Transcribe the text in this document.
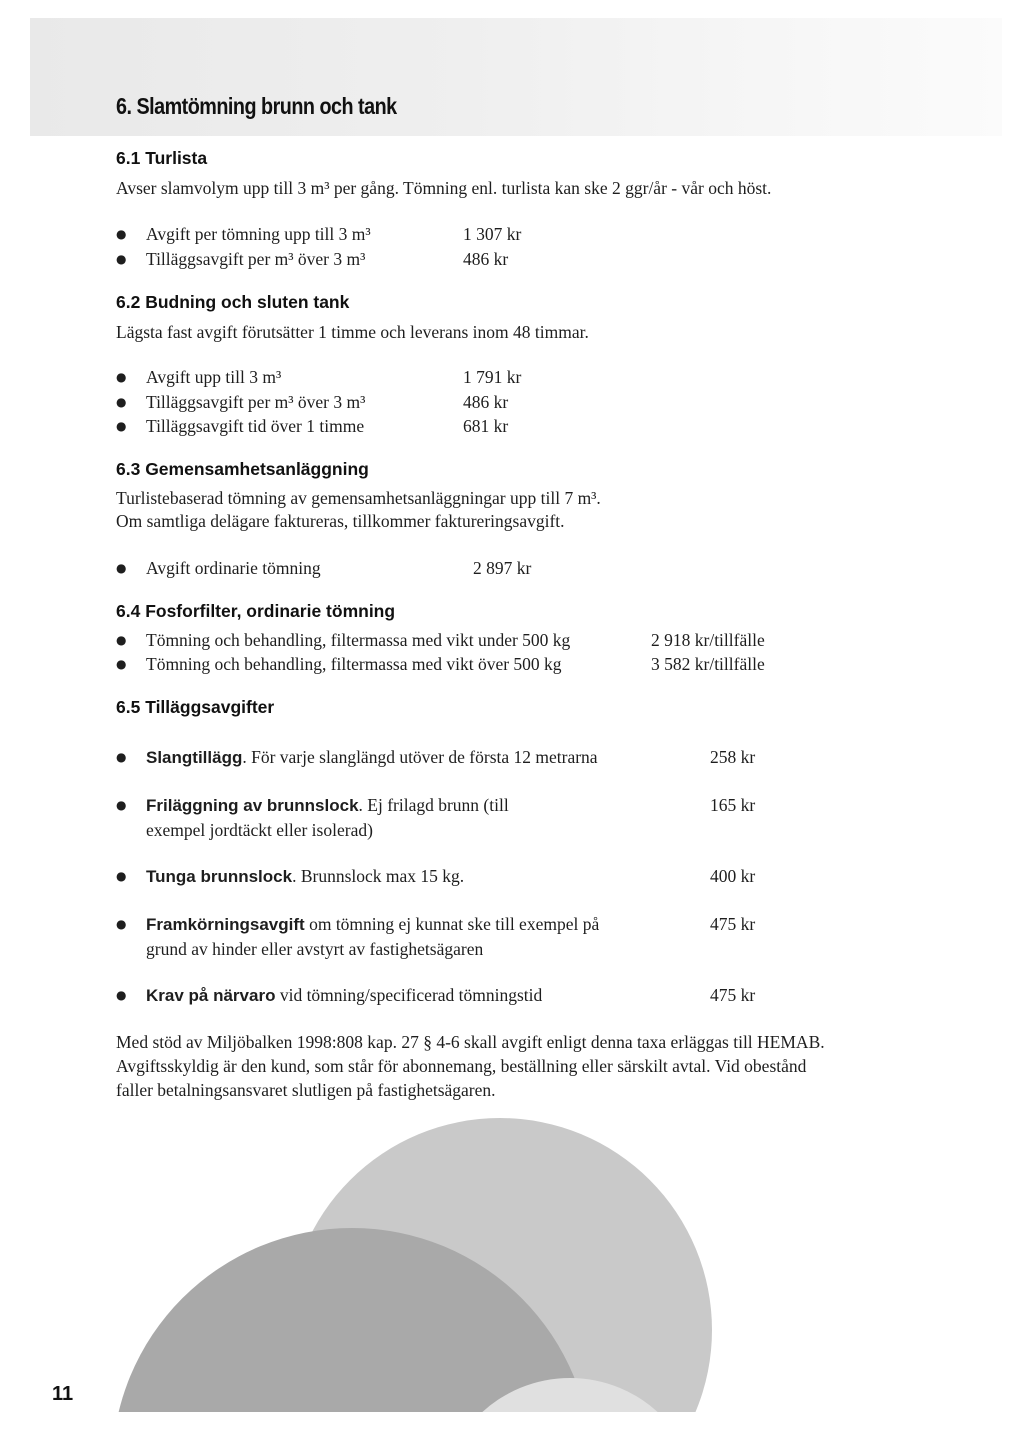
6. Slamtömning brunn och tank
6.1 Turlista

Avser slamvolym upp till 3 m³ per gång. Tömning enl. turlista kan ske 2 ggr/år - vår och höst.

● Avgift per tömning upp till 3 m³	1 307 kr
● Tilläggsavgift per m³ över 3 m³	486 kr
6.2 Budning och sluten tank

Lägsta fast avgift förutsätter 1 timme och leverans inom 48 timmar.

● Avgift upp till 3 m³	1 791 kr
● Tilläggsavgift per m³ över 3 m³	486 kr
● Tilläggsavgift tid över 1 timme	681 kr
6.3 Gemensamhetsanläggning

Turlistebaserad tömning av gemensamhetsanläggningar upp till 7 m³.

Om samtliga delägare faktureras, tillkommer faktureringsavgift.

● Avgift ordinarie tömning	2 897 kr
6.4 Fosforfilter, ordinarie tömning
● Tömning och behandling, filtermassa med vikt under 500 kg	2 918 kr/tillfälle
● Tömning och behandling, filtermassa med vikt över 500 kg	3 582 kr/tillfälle
6.5 Tilläggsavgifter
● Slangtillägg. För varje slanglängd utöver de första 12 metrarna	258 kr
● Friläggning av brunnslock. Ej frilagd brunn (till exempel jordtäckt eller isolerad)
165 kr
● Tunga brunnslock. Brunnslock max 15 kg.	400 kr
● Framkörningsavgift om tömning ej kunnat ske till exempel på grund av hinder eller avstyrt av fastighetsägaren
475 kr
● Krav på närvaro vid tömning/specificerad tömningstid	475 kr

Med stöd av Miljöbalken 1998:808 kap. 27 § 4-6 skall avgift enligt denna taxa erläggas till HEMAB.

Avgiftsskyldig är den kund, som står för abonnemang, beställning eller särskilt avtal. Vid obestånd

faller betalningsansvaret slutligen på fastighetsägaren.

11
